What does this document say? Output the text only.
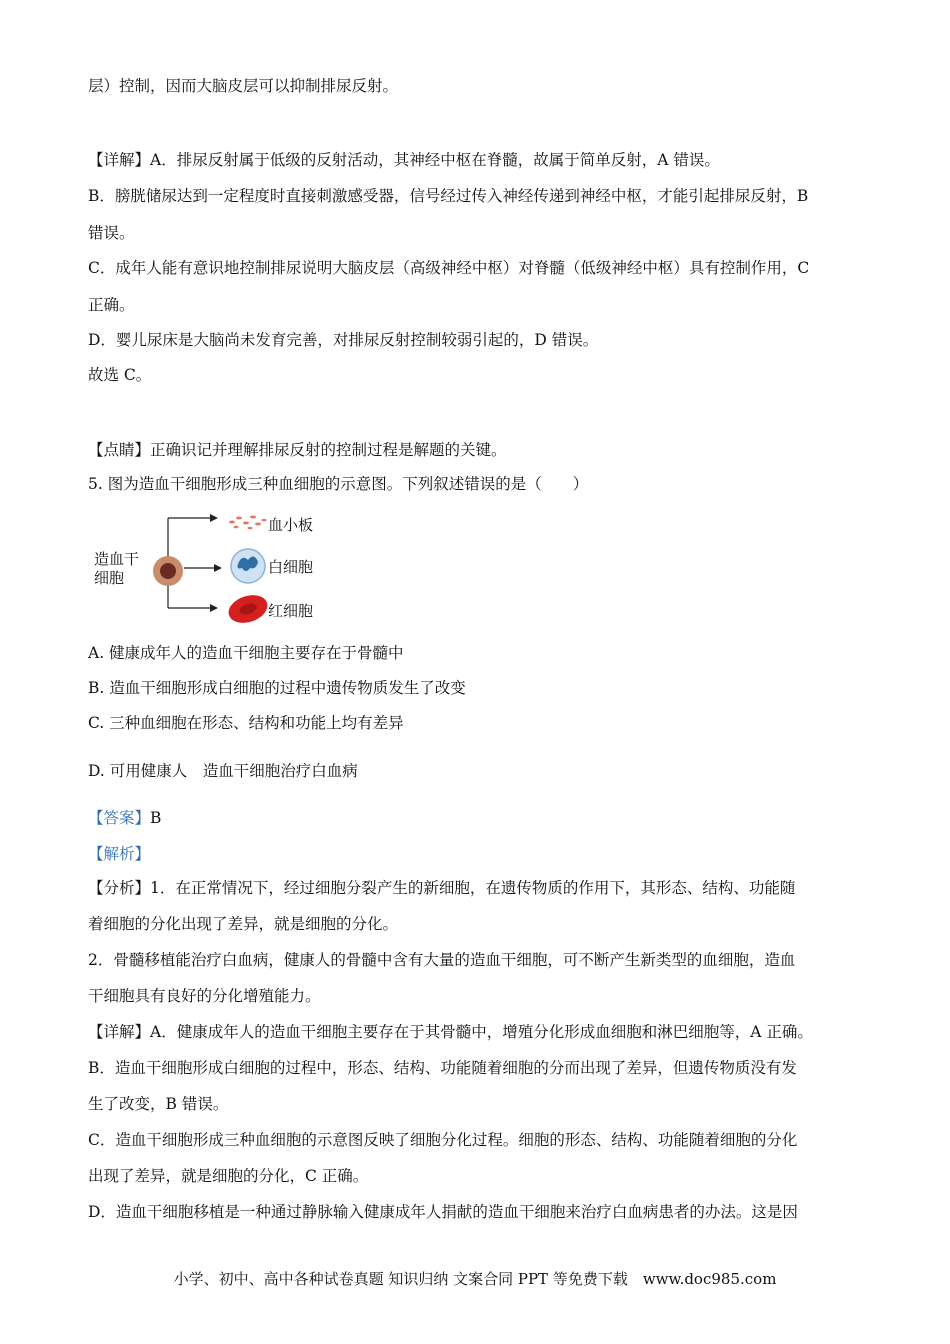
层）控制，因而大脑皮层可以抑制排尿反射。
【详解】A．排尿反射属于低级的反射活动，其神经中枢在脊髓，故属于简单反射，A 错误。
B．膀胱储尿达到一定程度时直接刺激感受器，信号经过传入神经传递到神经中枢，才能引起排尿反射，B
错误。
C．成年人能有意识地控制排尿说明大脑皮层（高级神经中枢）对脊髓（低级神经中枢）具有控制作用，C
正确。
D．婴儿尿床是大脑尚未发育完善，对排尿反射控制较弱引起的，D 错误。
故选 C。
【点睛】正确识记并理解排尿反射的控制过程是解题的关键。
5. 图为造血干细胞形成三种血细胞的示意图。下列叙述错误的是（　　）
造血干
细胞
血小板
白细胞
红细胞
A. 健康成年人的造血干细胞主要存在于骨髓中
B. 造血干细胞形成白细胞的过程中遗传物质发生了改变
C. 三种血细胞在形态、结构和功能上均有差异
D. 可用健康人　造血干细胞治疗白血病
【答案】B
【解析】
【分析】1．在正常情况下，经过细胞分裂产生的新细胞，在遗传物质的作用下，其形态、结构、功能随
着细胞的分化出现了差异，就是细胞的分化。
2．骨髓移植能治疗白血病，健康人的骨髓中含有大量的造血干细胞，可不断产生新类型的血细胞，造血
干细胞具有良好的分化增殖能力。
【详解】A．健康成年人的造血干细胞主要存在于其骨髓中，增殖分化形成血细胞和淋巴细胞等，A 正确。
B．造血干细胞形成白细胞的过程中，形态、结构、功能随着细胞的分而出现了差异，但遗传物质没有发
生了改变，B 错误。
C．造血干细胞形成三种血细胞的示意图反映了细胞分化过程。细胞的形态、结构、功能随着细胞的分化
出现了差异，就是细胞的分化，C 正确。
D．造血干细胞移植是一种通过静脉输入健康成年人捐献的造血干细胞来治疗白血病患者的办法。这是因
小学、初中、高中各种试卷真题 知识归纳 文案合同 PPT 等免费下载　www.doc985.com
